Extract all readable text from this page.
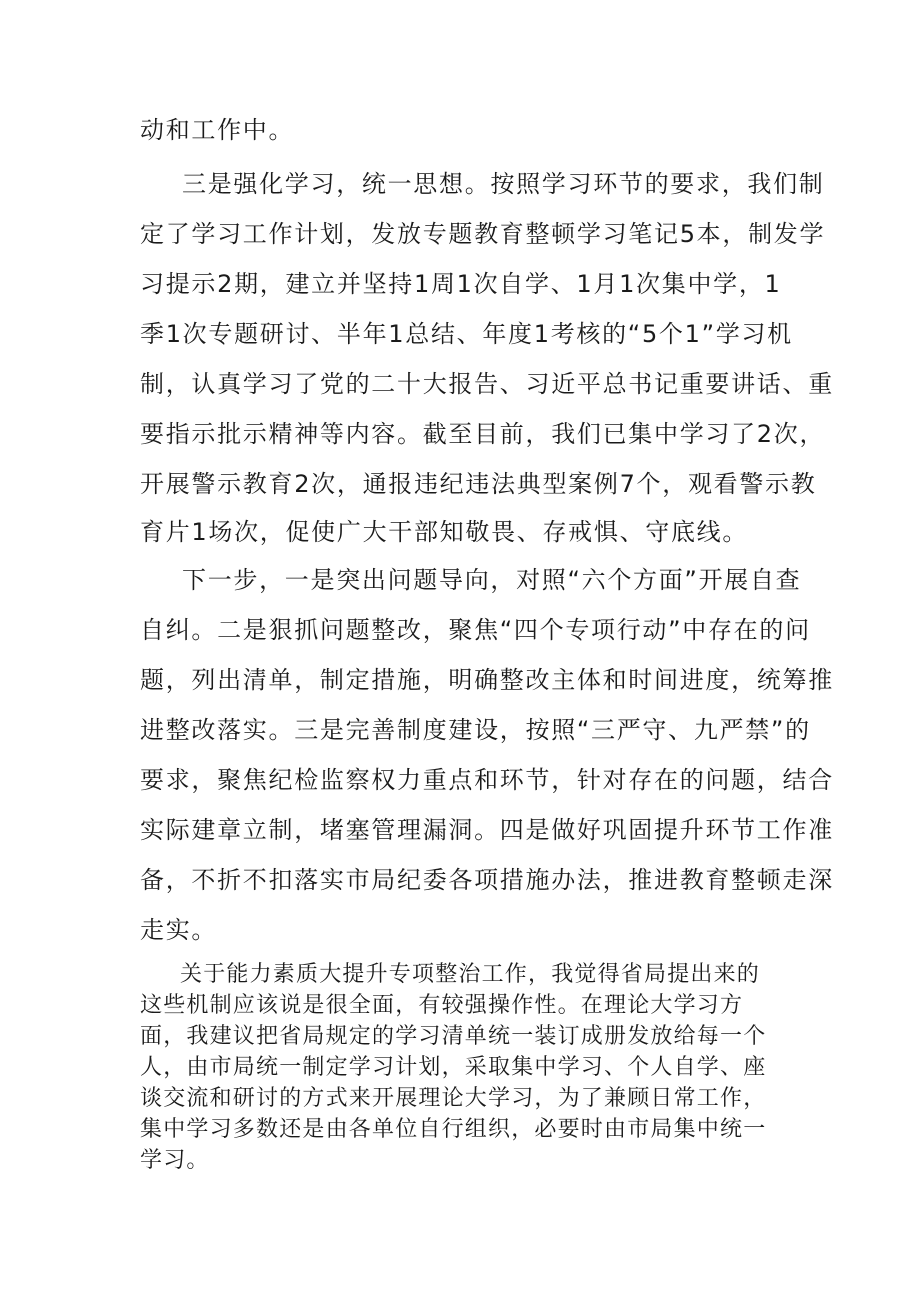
动和工作中。

三是强化学习，统一思想。按照学习环节的要求，我们制

定了学习工作计划，发放专题教育整顿学习笔记5本，制发学

习提示2期，建立并坚持1周1次自学、1月1次集中学，1

季1次专题研讨、半年1总结、年度1考核的“5个1”学习机

制，认真学习了党的二十大报告、习近平总书记重要讲话、重

要指示批示精神等内容。截至目前，我们已集中学习了2次，

开展警示教育2次，通报违纪违法典型案例7个，观看警示教

育片1场次，促使广大干部知敬畏、存戒惧、守底线。

下一步，一是突出问题导向，对照“六个方面”开展自查

自纠。二是狠抓问题整改，聚焦“四个专项行动”中存在的问

题，列出清单，制定措施，明确整改主体和时间进度，统筹推

进整改落实。三是完善制度建设，按照“三严守、九严禁”的

要求，聚焦纪检监察权力重点和环节，针对存在的问题，结合

实际建章立制，堵塞管理漏洞。四是做好巩固提升环节工作准

备，不折不扣落实市局纪委各项措施办法，推进教育整顿走深

走实。

关于能力素质大提升专项整治工作，我觉得省局提出来的

这些机制应该说是很全面，有较强操作性。在理论大学习方

面，我建议把省局规定的学习清单统一装订成册发放给每一个

人，由市局统一制定学习计划，采取集中学习、个人自学、座

谈交流和研讨的方式来开展理论大学习，为了兼顾日常工作，

集中学习多数还是由各单位自行组织，必要时由市局集中统一

学习。
